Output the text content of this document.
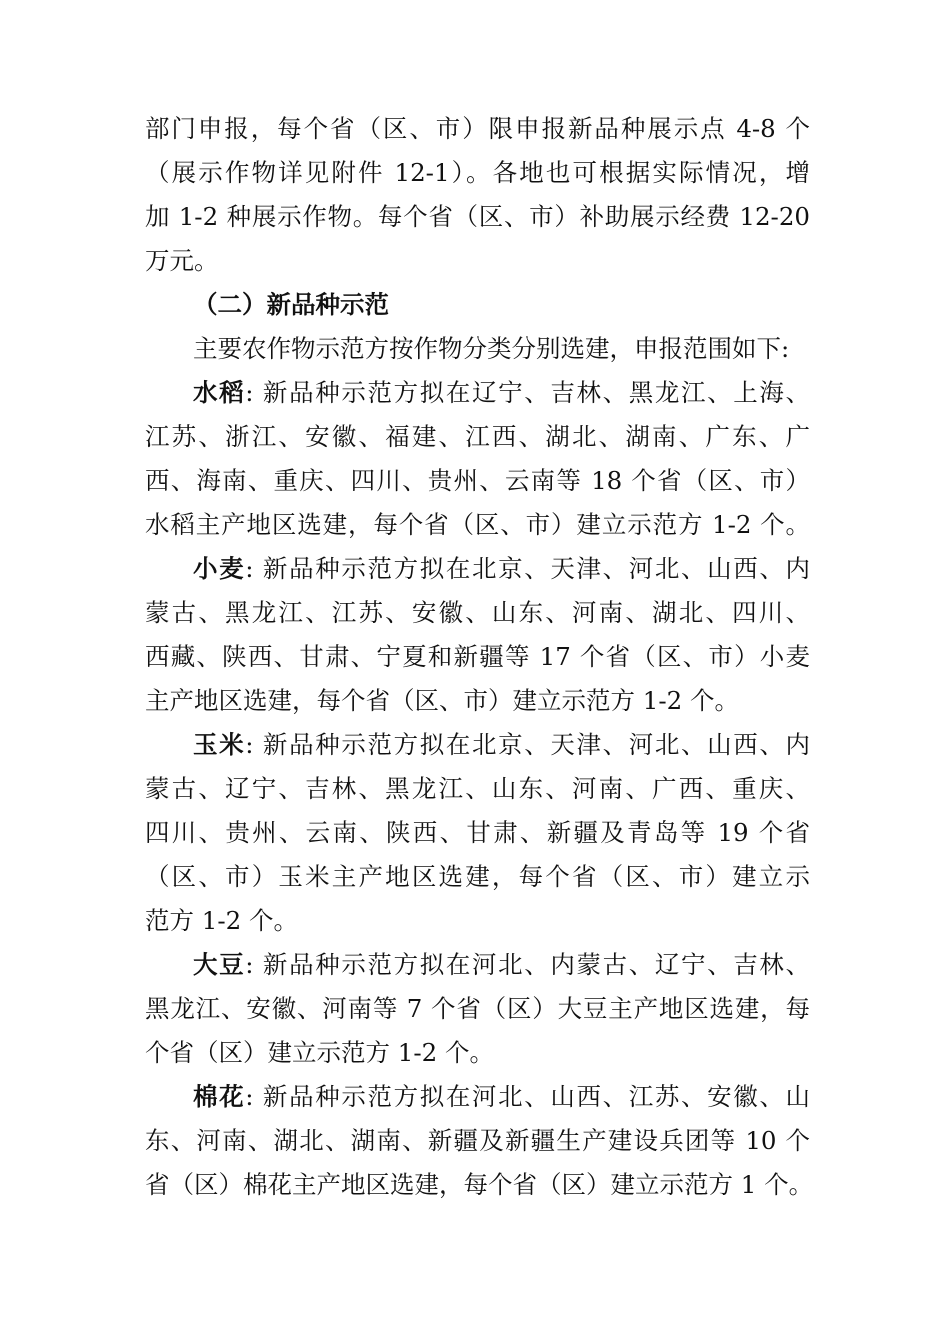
部门申报，每个省（区、市）限申报新品种展示点 4-8 个
（展示作物详见附件 12-1）。各地也可根据实际情况，增
加 1-2 种展示作物。每个省（区、市）补助展示经费 12-20
万元。
（二）新品种示范
主要农作物示范方按作物分类分别选建，申报范围如下:
水稻: 新品种示范方拟在辽宁、吉林、黑龙江、上海、
江苏、浙江、安徽、福建、江西、湖北、湖南、广东、广
西、海南、重庆、四川、贵州、云南等 18 个省（区、市）
水稻主产地区选建，每个省（区、市）建立示范方 1-2 个。
小麦: 新品种示范方拟在北京、天津、河北、山西、内
蒙古、黑龙江、江苏、安徽、山东、河南、湖北、四川、
西藏、陕西、甘肃、宁夏和新疆等 17 个省（区、市）小麦
主产地区选建，每个省（区、市）建立示范方 1-2 个。
玉米: 新品种示范方拟在北京、天津、河北、山西、内
蒙古、辽宁、吉林、黑龙江、山东、河南、广西、重庆、
四川、贵州、云南、陕西、甘肃、新疆及青岛等 19 个省
（区、市）玉米主产地区选建，每个省（区、市）建立示
范方 1-2 个。
大豆: 新品种示范方拟在河北、内蒙古、辽宁、吉林、
黑龙江、安徽、河南等 7 个省（区）大豆主产地区选建，每
个省（区）建立示范方 1-2 个。
棉花: 新品种示范方拟在河北、山西、江苏、安徽、山
东、河南、湖北、湖南、新疆及新疆生产建设兵团等 10 个
省（区）棉花主产地区选建，每个省（区）建立示范方 1 个。
